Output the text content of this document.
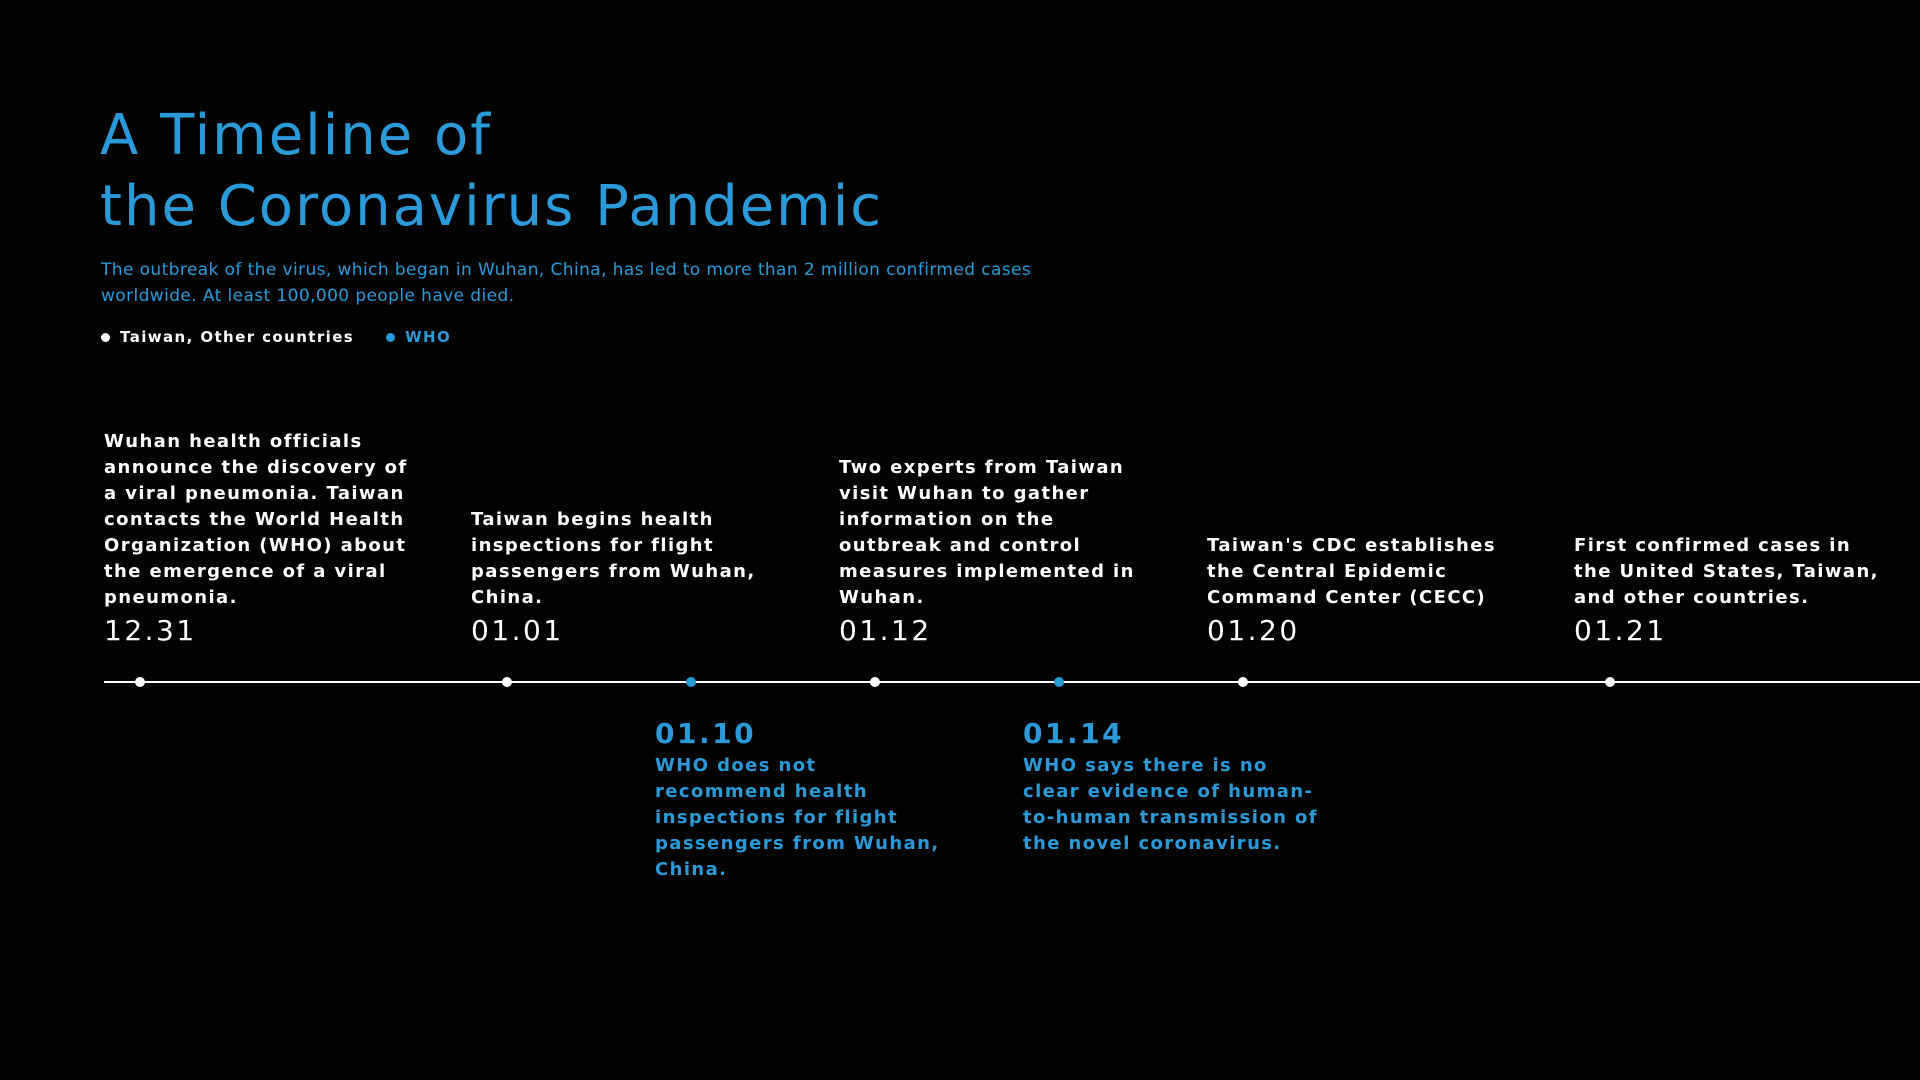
A Timeline of
the Coronavirus Pandemic

The outbreak of the virus, which began in Wuhan, China, has led to more than 2 million confirmed cases worldwide. At least 100,000 people have died.

Taiwan, Other countries	WHO

Wuhan health officials announce the discovery of a viral pneumonia. Taiwan contacts the World Health Organization (WHO) about the emergence of a viral pneumonia.

12.31

Taiwan begins health inspections for flight passengers from Wuhan, China.

01.01

Two experts from Taiwan visit Wuhan to gather information on the outbreak and control measures implemented in Wuhan.

01.12

Taiwan's CDC establishes the Central Epidemic Command Center (CECC)

01.20

First confirmed cases in the United States, Taiwan, and other countries.

01.21
01.10

WHO does not recommend health inspections for flight passengers from Wuhan, China.

01.14

WHO says there is no clear evidence of human-to-human transmission of the novel coronavirus.
